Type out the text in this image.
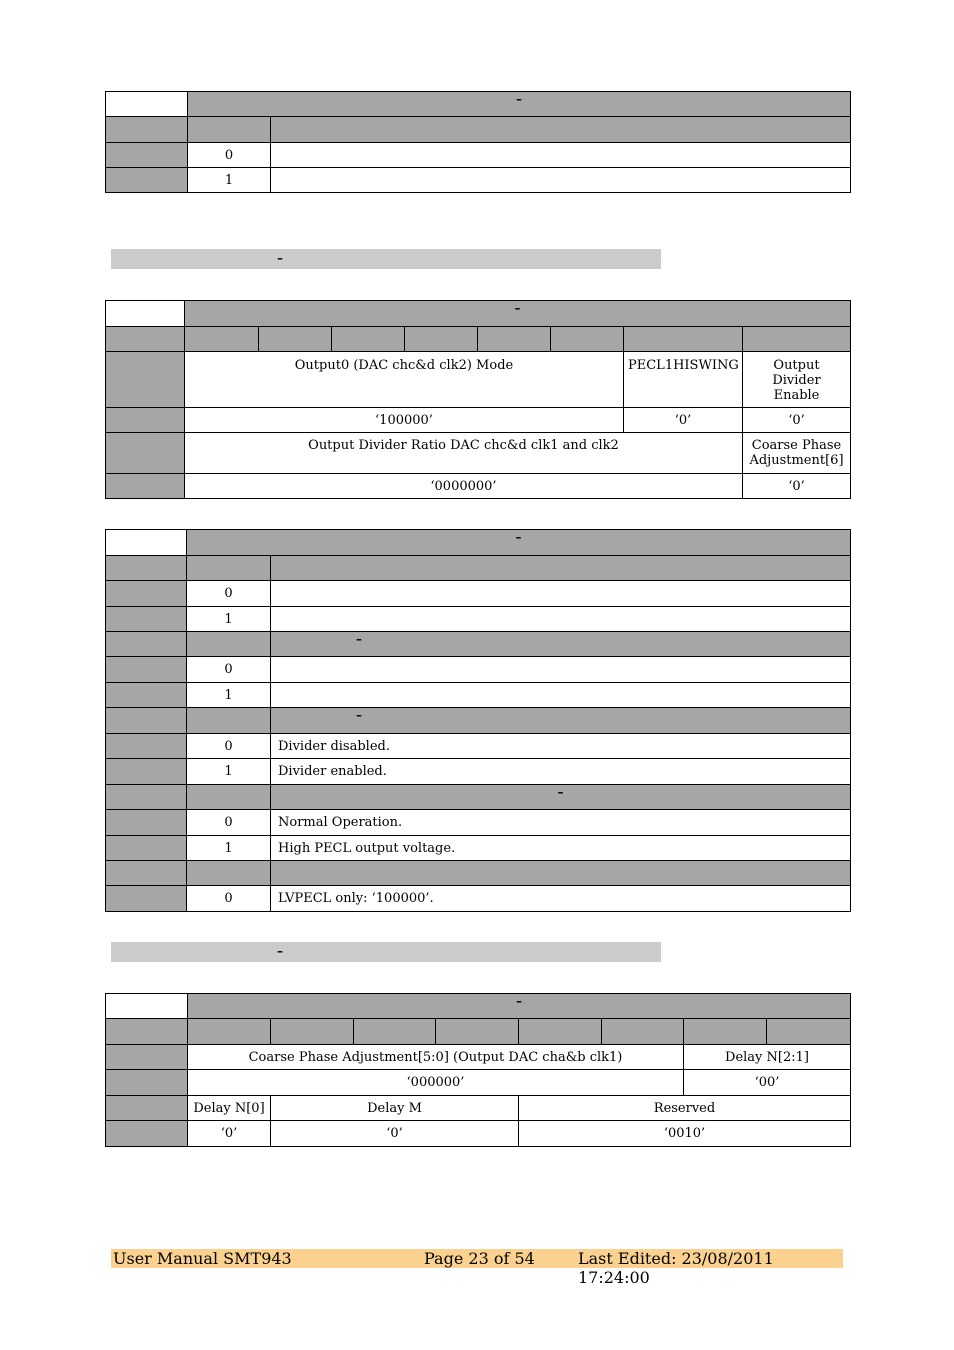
	–	

	0	
	1	
–
	–							

	Output0 (DAC chc&d clk2) Mode						PECL1HISWING	Output Divider Enable
	‘100000’						‘0’	‘0’
	Output Divider Ratio DAC chc&d clk1 and clk2							Coarse Phase Adjustment[6]
	‘0000000’							‘0’
	–	

	0	
	1	
		–
	0	
	1	
		–
	0	Divider disabled.
	1	Divider enabled.
		–
	0	Normal Operation.
	1	High PECL output voltage.

	0	LVPECL only: ‘100000’.
–
	–							

	Coarse Phase Adjustment[5:0] (Output DAC cha&b clk1)						Delay N[2:1]	
	‘000000’						‘00’	
	Delay N[0]	Delay M			Reserved			
	‘0’	‘0’			‘0010’			
User Manual SMT943	Page 23 of 54	Last Edited: 23/08/2011 17:24:00
